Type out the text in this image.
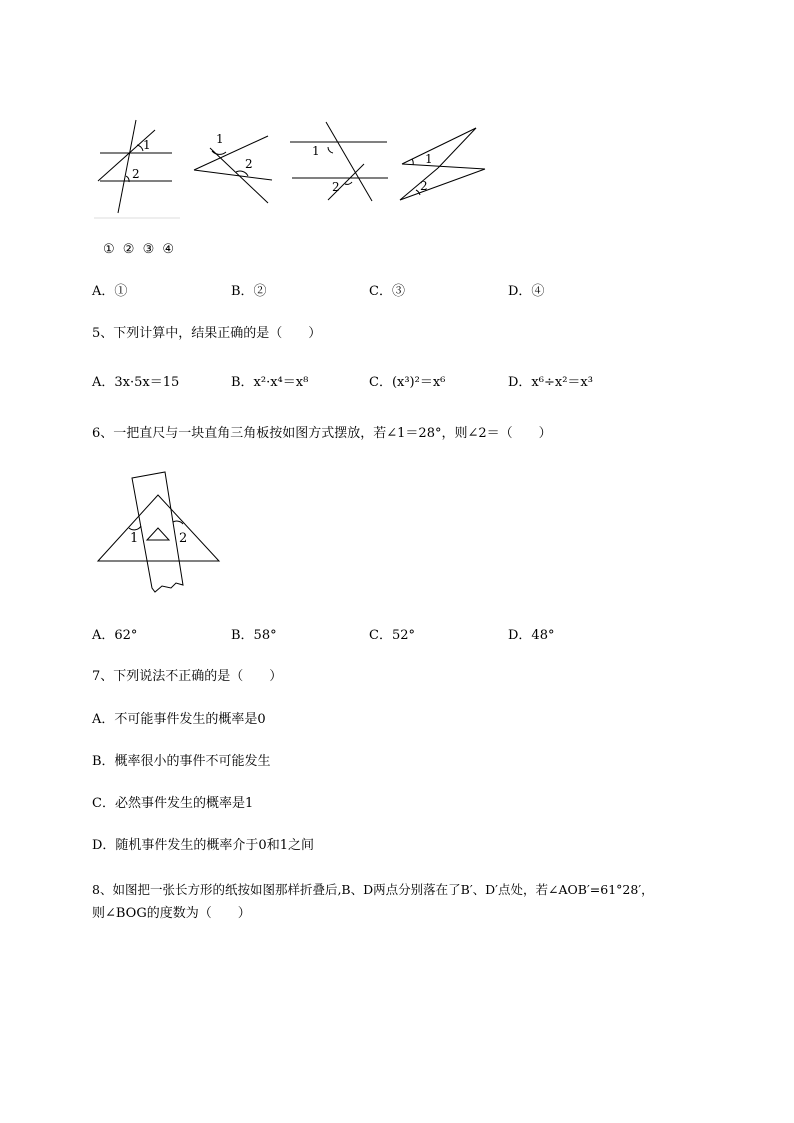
1
2
1
2
1
2
1
2
① ② ③ ④
A．①	B．②	C．③	D．④
5、下列计算中，结果正确的是（　　）
A．3x·5x＝15	B．x²·x⁴＝x⁸	C．(x³)²＝x⁶	D．x⁶÷x²＝x³
6、一把直尺与一块直角三角板按如图方式摆放，若∠1＝28°，则∠2＝（　　）
1	2
A．62°	B．58°	C．52°	D．48°
7、下列说法不正确的是（　　）
A．不可能事件发生的概率是0
B．概率很小的事件不可能发生
C．必然事件发生的概率是1
D．随机事件发生的概率介于0和1之间
8、如图把一张长方形的纸按如图那样折叠后,B、D两点分别落在了B′、D′点处，若∠AOB′=61°28′，
则∠BOG的度数为（　　）
